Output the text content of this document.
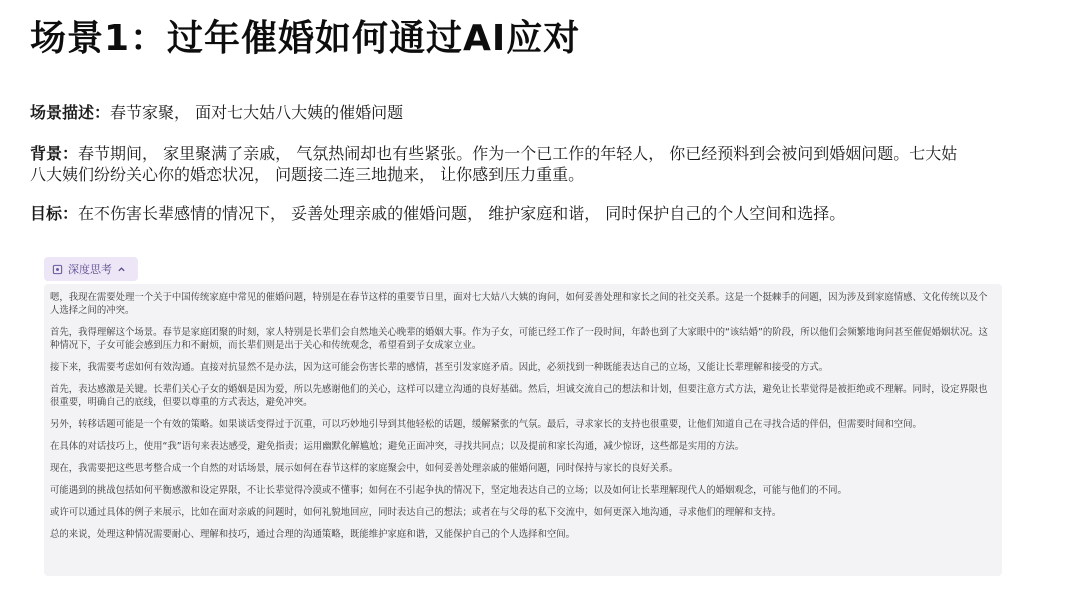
场景1：过年催婚如何通过AI应对
场景描述：春节家聚， 面对七大姑八大姨的催婚问题
背景：春节期间， 家里聚满了亲戚， 气氛热闹却也有些紧张。作为一个已工作的年轻人， 你已经预料到会被问到婚姻问题。七大姑八大姨们纷纷关心你的婚恋状况， 问题接二连三地抛来， 让你感到压力重重。
目标：在不伤害长辈感情的情况下， 妥善处理亲戚的催婚问题， 维护家庭和谐， 同时保护自己的个人空间和选择。
深度思考

嗯，我现在需要处理一个关于中国传统家庭中常见的催婚问题，特别是在春节这样的重要节日里，面对七大姑八大姨的询问，如何妥善处理和家长之间的社交关系。这是一个挺棘手的问题，因为涉及到家庭情感、文化传统以及个人选择之间的冲突。

首先，我得理解这个场景。春节是家庭团聚的时刻，家人特别是长辈们会自然地关心晚辈的婚姻大事。作为子女，可能已经工作了一段时间，年龄也到了大家眼中的“该结婚”的阶段，所以他们会频繁地询问甚至催促婚姻状况。这种情况下，子女可能会感到压力和不耐烦，而长辈们则是出于关心和传统观念，希望看到子女成家立业。

接下来，我需要考虑如何有效沟通。直接对抗显然不是办法，因为这可能会伤害长辈的感情，甚至引发家庭矛盾。因此，必须找到一种既能表达自己的立场，又能让长辈理解和接受的方式。

首先，表达感激是关键。长辈们关心子女的婚姻是因为爱，所以先感谢他们的关心，这样可以建立沟通的良好基础。然后，坦诚交流自己的想法和计划，但要注意方式方法，避免让长辈觉得是被拒绝或不理解。同时，设定界限也很重要，明确自己的底线，但要以尊重的方式表达，避免冲突。

另外，转移话题可能是一个有效的策略。如果谈话变得过于沉重，可以巧妙地引导到其他轻松的话题，缓解紧张的气氛。最后，寻求家长的支持也很重要，让他们知道自己在寻找合适的伴侣，但需要时间和空间。

在具体的对话技巧上，使用“我”语句来表达感受，避免指责；运用幽默化解尴尬；避免正面冲突，寻找共同点；以及提前和家长沟通，减少惊讶，这些都是实用的方法。

现在，我需要把这些思考整合成一个自然的对话场景，展示如何在春节这样的家庭聚会中，如何妥善处理亲戚的催婚问题，同时保持与家长的良好关系。

可能遇到的挑战包括如何平衡感激和设定界限，不让长辈觉得冷漠或不懂事；如何在不引起争执的情况下，坚定地表达自己的立场；以及如何让长辈理解现代人的婚姻观念，可能与他们的不同。

或许可以通过具体的例子来展示，比如在面对亲戚的问题时，如何礼貌地回应，同时表达自己的想法；或者在与父母的私下交流中，如何更深入地沟通，寻求他们的理解和支持。

总的来说，处理这种情况需要耐心、理解和技巧，通过合理的沟通策略，既能维护家庭和谐，又能保护自己的个人选择和空间。
